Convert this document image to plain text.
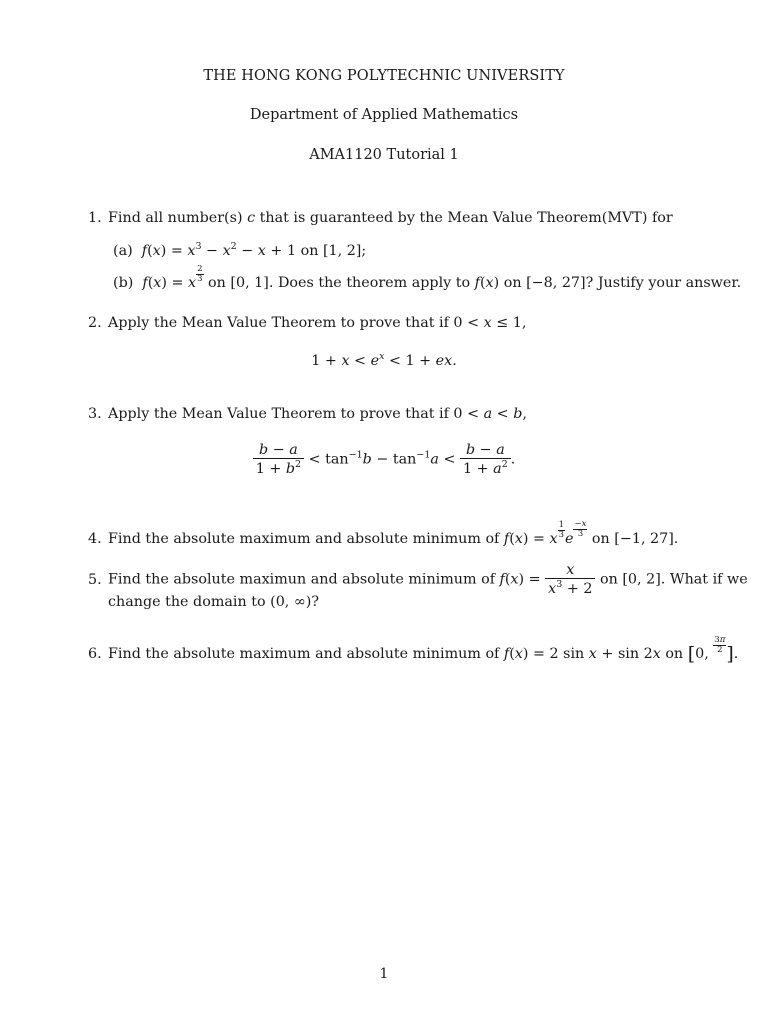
THE HONG KONG POLYTECHNIC UNIVERSITY
Department of Applied Mathematics
AMA1120 Tutorial 1
1. Find all number(s) c that is guaranteed by the Mean Value Theorem(MVT) for
(a) $f(x) = x^3 - x^2 - x + 1$ on [1, 2];
(b) f(x) = x $\frac{2}{3}$ on [0, 1]. Does the theorem apply to f(x) on [−8, 27]? Justify your answer.
2. Apply the Mean Value Theorem to prove that if 0 < x ≤ 1,
$1 + x < e^x < 1$ + ex.
3. Apply the Mean Value Theorem to prove that if 0 < a < b,
$\frac{b - a}{1 + b^2} < \tan^{-1}b - \tan^{-1}a < \frac{b - a}{1 + a^2}$ .
4. Find the absolute maximum and absolute minimum of f(x) = x $\frac{1}{3}$ e $\frac{-x}{3}$ on [−1, 27].
5. Find the absolute maximun and absolute minimum of $f(x) = \frac{x}{x^3 + 2}$ on [0, 2]. What if we
change the domain to (0, ∞)?
6. Find the absolute maximum and absolute minimum of f(x) = 2 sin x + sin 2x on [0, $\frac{3\pi}{2}$ ].
1
